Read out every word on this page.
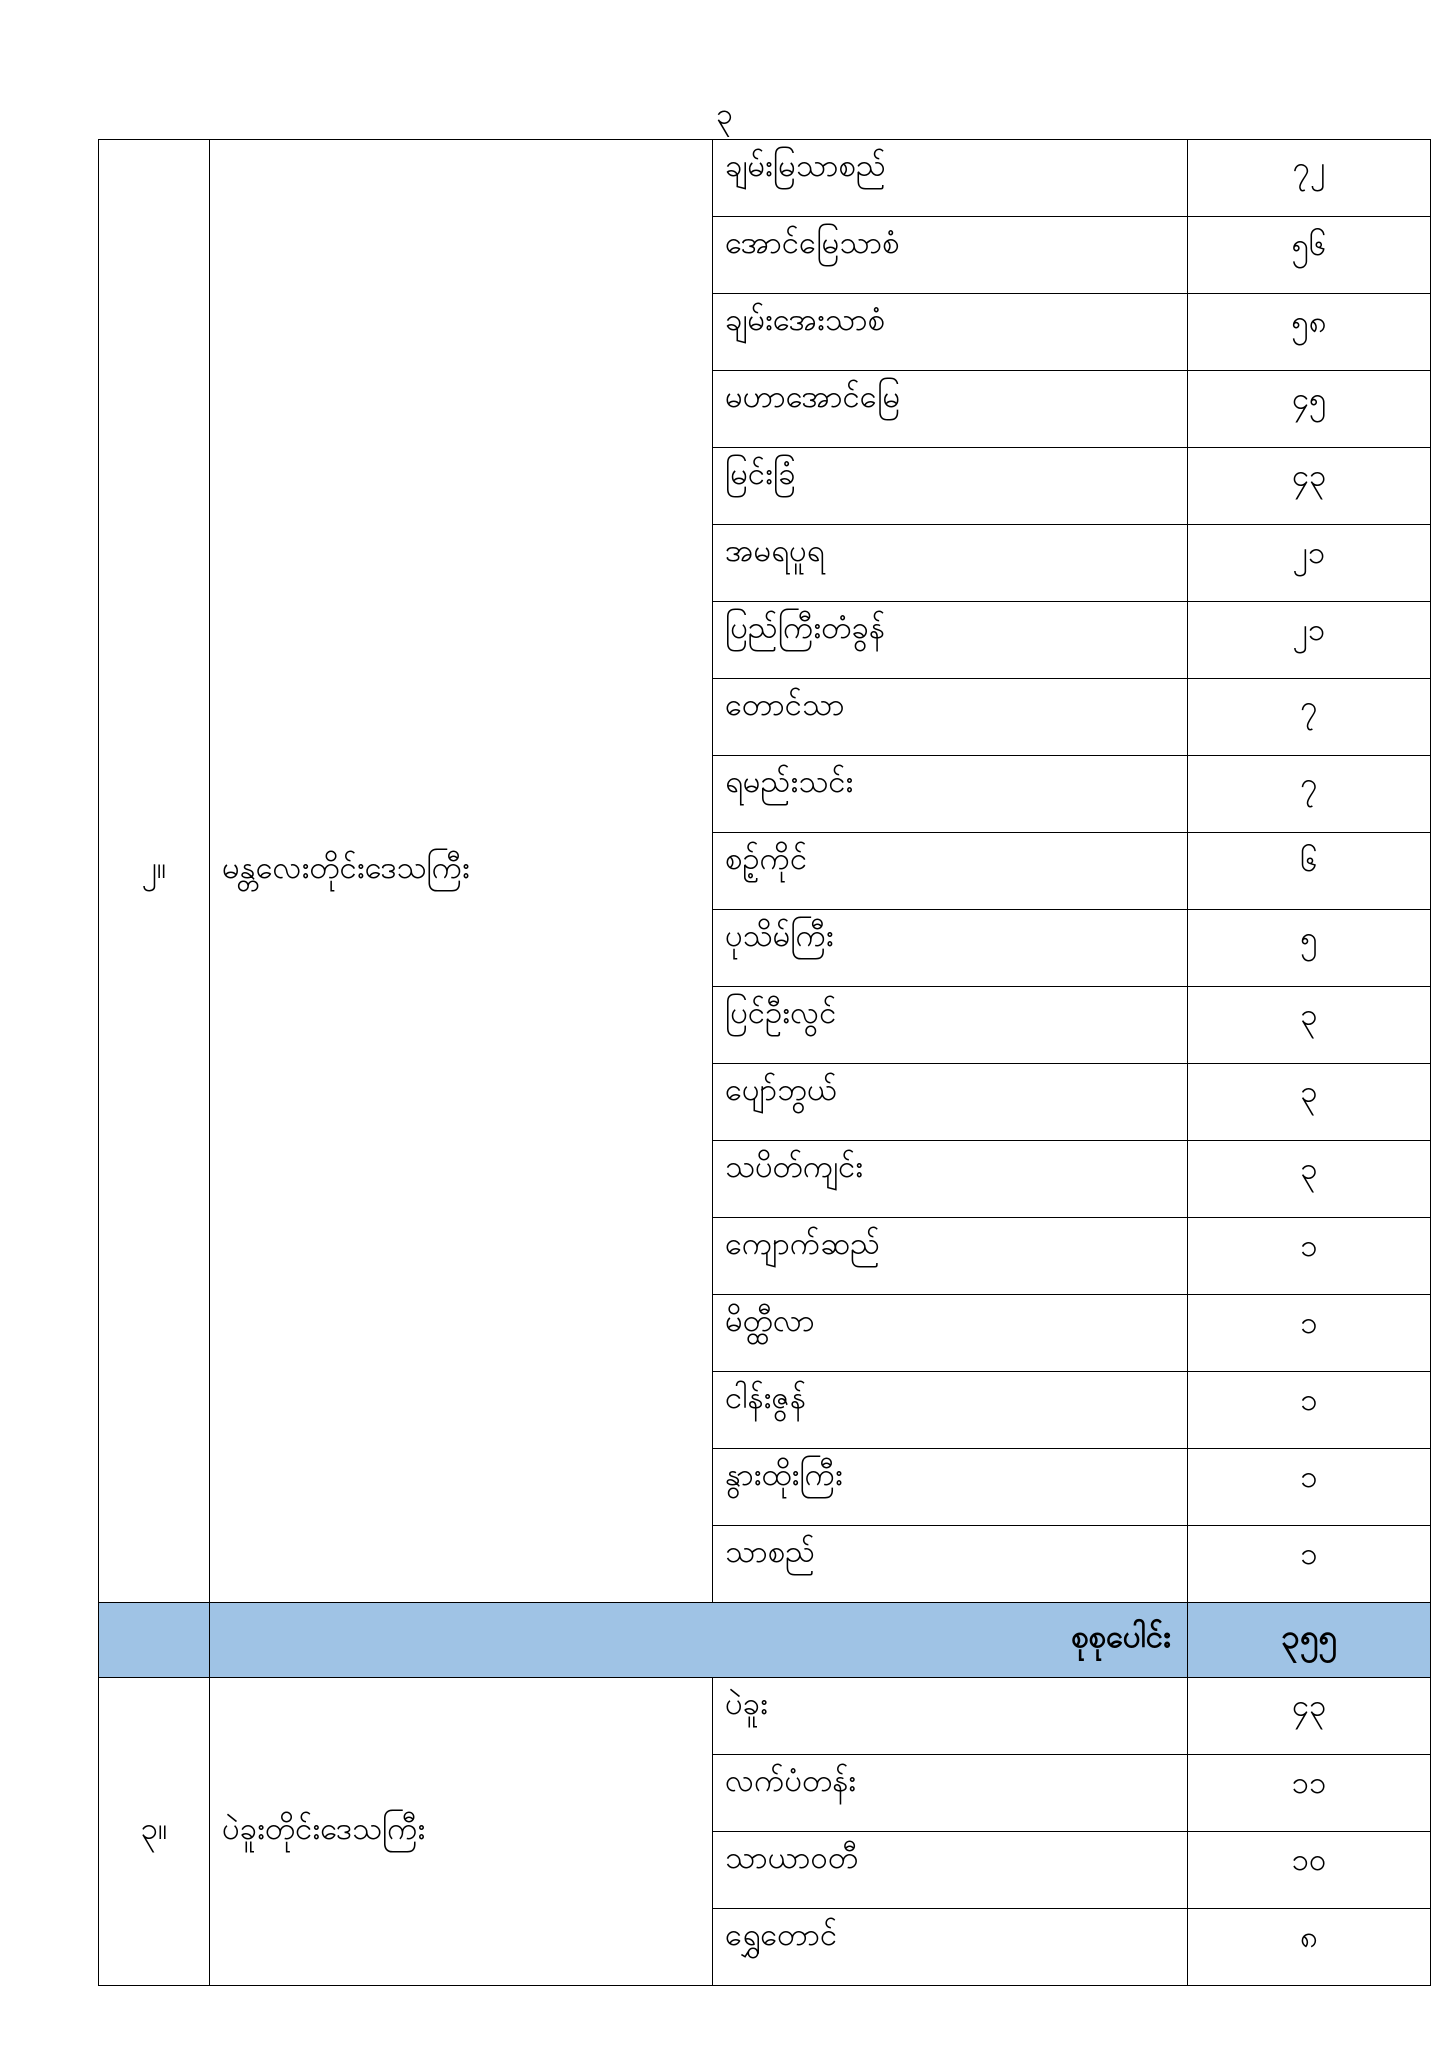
၃
၂။	မန္တလေးတိုင်းဒေသကြီး	ချမ်းမြသာစည်	၇၂
		အောင်မြေသာစံ	၅၆
		ချမ်းအေးသာစံ	၅၈
		မဟာအောင်မြေ	၄၅
		မြင်းခြံ	၄၃
		အမရပူရ	၂၁
		ပြည်ကြီးတံခွန်	၂၁
		တောင်သာ	၇
		ရမည်းသင်း	၇
		စဉ့်ကိုင်	၆
		ပုသိမ်ကြီး	၅
		ပြင်ဦးလွင်	၃
		ပျော်ဘွယ်	၃
		သပိတ်ကျင်း	၃
		ကျောက်ဆည်	၁
		မိတ္ထီလာ	၁
		ငါန်းဇွန်	၁
		နွားထိုးကြီး	၁
		သာစည်	၁
	စုစုပေါင်း		၃၅၅
၃။	ပဲခူးတိုင်းဒေသကြီး	ပဲခူး	၄၃
		လက်ပံတန်း	၁၁
		သာယာဝတီ	၁၀
		ရွှေတောင်	၈
